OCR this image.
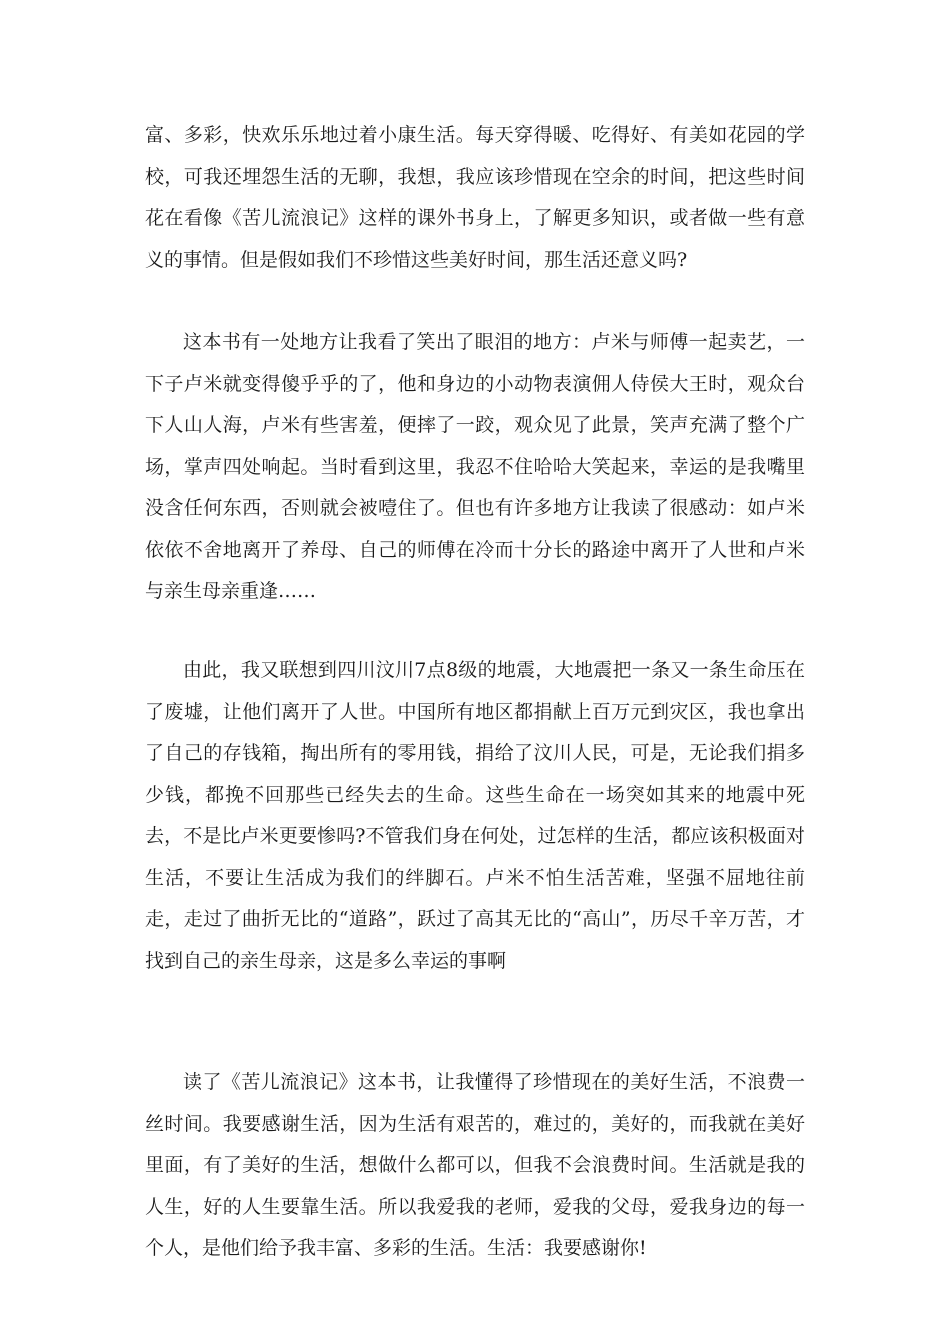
富、多彩，快欢乐乐地过着小康生活。每天穿得暖、吃得好、有美如花园的学校，可我还埋怨生活的无聊，我想，我应该珍惜现在空余的时间，把这些时间花在看像《苦儿流浪记》这样的课外书身上，了解更多知识，或者做一些有意义的事情。但是假如我们不珍惜这些美好时间，那生活还意义吗?

这本书有一处地方让我看了笑出了眼泪的地方：卢米与师傅一起卖艺，一下子卢米就变得傻乎乎的了，他和身边的小动物表演佣人侍侯大王时，观众台下人山人海，卢米有些害羞，便摔了一跤，观众见了此景，笑声充满了整个广场，掌声四处响起。当时看到这里，我忍不住哈哈大笑起来，幸运的是我嘴里没含任何东西，否则就会被噎住了。但也有许多地方让我读了很感动：如卢米依依不舍地离开了养母、自己的师傅在冷而十分长的路途中离开了人世和卢米与亲生母亲重逢……

由此，我又联想到四川汶川7点8级的地震，大地震把一条又一条生命压在了废墟，让他们离开了人世。中国所有地区都捐献上百万元到灾区，我也拿出了自己的存钱箱，掏出所有的零用钱，捐给了汶川人民，可是，无论我们捐多少钱，都挽不回那些已经失去的生命。这些生命在一场突如其来的地震中死去，不是比卢米更要惨吗?不管我们身在何处，过怎样的生活，都应该积极面对生活，不要让生活成为我们的绊脚石。卢米不怕生活苦难，坚强不屈地往前走，走过了曲折无比的“道路”，跃过了高其无比的“高山”，历尽千辛万苦，才找到自己的亲生母亲，这是多么幸运的事啊

读了《苦儿流浪记》这本书，让我懂得了珍惜现在的美好生活，不浪费一丝时间。我要感谢生活，因为生活有艰苦的，难过的，美好的，而我就在美好里面，有了美好的生活，想做什么都可以，但我不会浪费时间。生活就是我的人生，好的人生要靠生活。所以我爱我的老师，爱我的父母，爱我身边的每一个人，是他们给予我丰富、多彩的生活。生活：我要感谢你!
